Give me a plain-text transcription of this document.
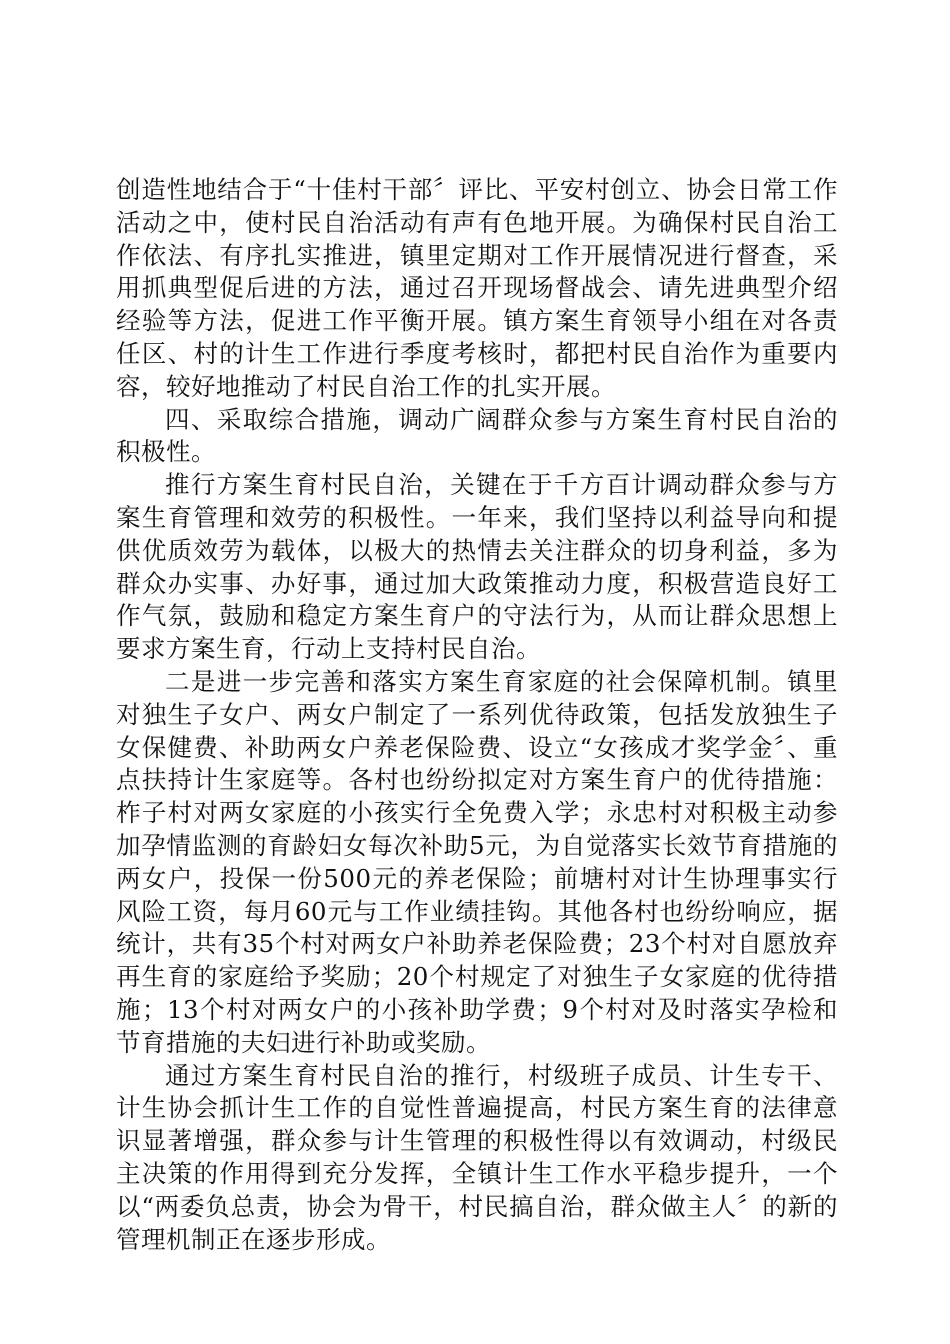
创造性地结合于“十佳村干部〞评比、平安村创立、协会日常工作活动之中，使村民自治活动有声有色地开展。为确保村民自治工作依法、有序扎实推进，镇里定期对工作开展情况进行督查，采用抓典型促后进的方法，通过召开现场督战会、请先进典型介绍经验等方法，促进工作平衡开展。镇方案生育领导小组在对各责任区、村的计生工作进行季度考核时，都把村民自治作为重要内容，较好地推动了村民自治工作的扎实开展。

四、采取综合措施，调动广阔群众参与方案生育村民自治的积极性。

推行方案生育村民自治，关键在于千方百计调动群众参与方案生育管理和效劳的积极性。一年来，我们坚持以利益导向和提供优质效劳为载体，以极大的热情去关注群众的切身利益，多为群众办实事、办好事，通过加大政策推动力度，积极营造良好工作气氛，鼓励和稳定方案生育户的守法行为，从而让群众思想上要求方案生育，行动上支持村民自治。

二是进一步完善和落实方案生育家庭的社会保障机制。镇里对独生子女户、两女户制定了一系列优待政策，包括发放独生子女保健费、补助两女户养老保险费、设立“女孩成才奖学金〞、重点扶持计生家庭等。各村也纷纷拟定对方案生育户的优待措施：柞子村对两女家庭的小孩实行全免费入学；永忠村对积极主动参加孕情监测的育龄妇女每次补助5元，为自觉落实长效节育措施的两女户，投保一份500元的养老保险；前塘村对计生协理事实行风险工资，每月60元与工作业绩挂钩。其他各村也纷纷响应，据统计，共有35个村对两女户补助养老保险费；23个村对自愿放弃再生育的家庭给予奖励；20个村规定了对独生子女家庭的优待措施；13个村对两女户的小孩补助学费；9个村对及时落实孕检和节育措施的夫妇进行补助或奖励。

通过方案生育村民自治的推行，村级班子成员、计生专干、计生协会抓计生工作的自觉性普遍提高，村民方案生育的法律意识显著增强，群众参与计生管理的积极性得以有效调动，村级民主决策的作用得到充分发挥，全镇计生工作水平稳步提升，一个以“两委负总责，协会为骨干，村民搞自治，群众做主人〞的新的管理机制正在逐步形成。
